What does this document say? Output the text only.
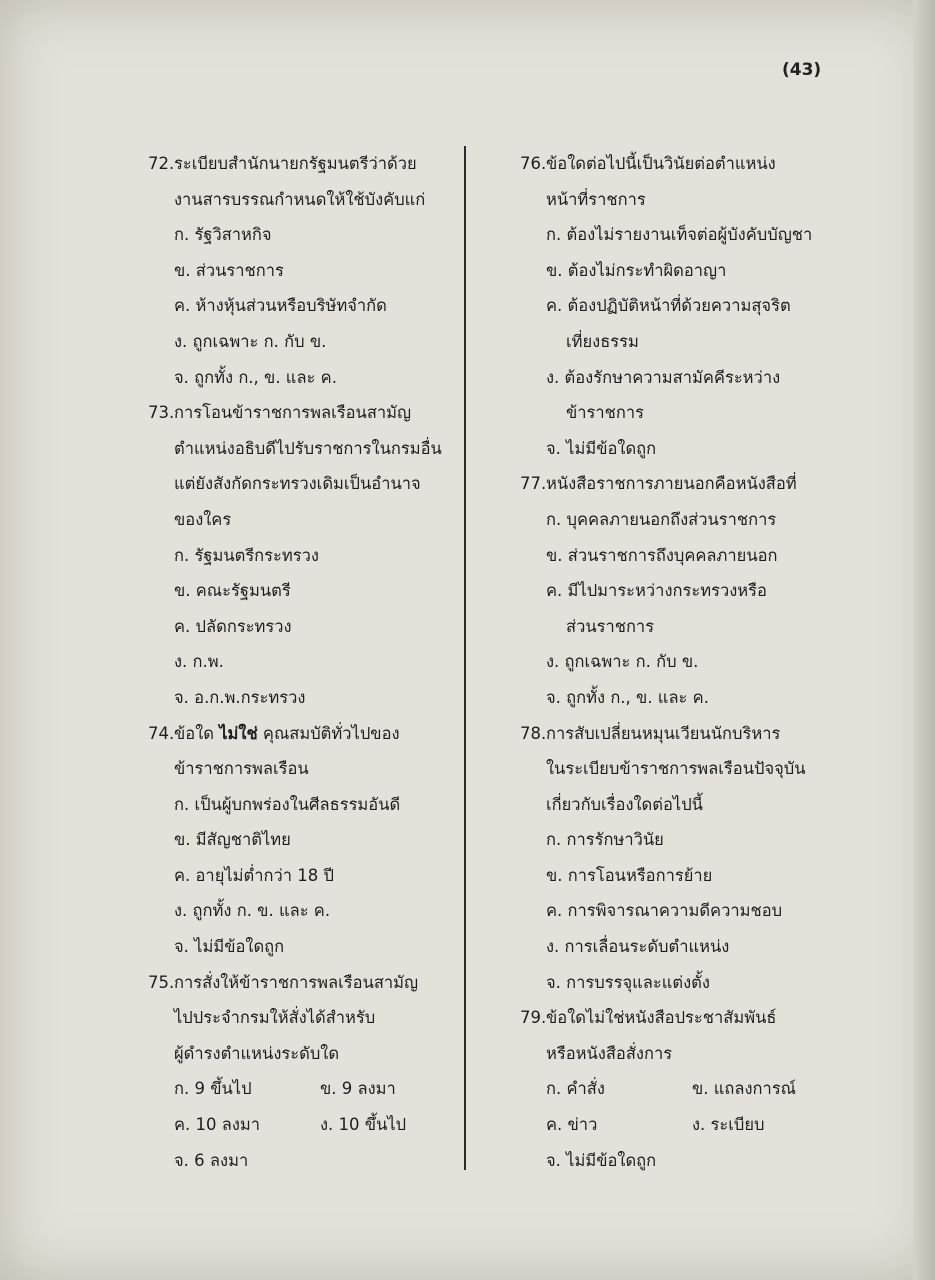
(43)
72.ระเบียบสำนักนายกรัฐมนตรีว่าด้วย
งานสารบรรณกำหนดให้ใช้บังคับแก่
ก. รัฐวิสาหกิจ
ข. ส่วนราชการ
ค. ห้างหุ้นส่วนหรือบริษัทจำกัด
ง. ถูกเฉพาะ ก. กับ ข.
จ. ถูกทั้ง ก., ข. และ ค.
73.การโอนข้าราชการพลเรือนสามัญ
ตำแหน่งอธิบดีไปรับราชการในกรมอื่น
แต่ยังสังกัดกระทรวงเดิมเป็นอำนาจ
ของใคร
ก. รัฐมนตรีกระทรวง
ข. คณะรัฐมนตรี
ค. ปลัดกระทรวง
ง. ก.พ.
จ. อ.ก.พ.กระทรวง
74.ข้อใด ไม่ใช่ คุณสมบัติทั่วไปของ
ข้าราชการพลเรือน
ก. เป็นผู้บกพร่องในศีลธรรมอันดี
ข. มีสัญชาติไทย
ค. อายุไม่ต่ำกว่า 18 ปี
ง. ถูกทั้ง ก. ข. และ ค.
จ. ไม่มีข้อใดถูก
75.การสั่งให้ข้าราชการพลเรือนสามัญ
ไปประจำกรมให้สั่งได้สำหรับ
ผู้ดำรงตำแหน่งระดับใด
ก. 9 ขึ้นไป	ข. 9 ลงมา
ค. 10 ลงมา	ง. 10 ขึ้นไป
จ. 6 ลงมา
76.ข้อใดต่อไปนี้เป็นวินัยต่อตำแหน่ง
หน้าที่ราชการ
ก. ต้องไม่รายงานเท็จต่อผู้บังคับบัญชา
ข. ต้องไม่กระทำผิดอาญา
ค. ต้องปฏิบัติหน้าที่ด้วยความสุจริต
เที่ยงธรรม
ง. ต้องรักษาความสามัคคีระหว่าง
ข้าราชการ
จ. ไม่มีข้อใดถูก
77.หนังสือราชการภายนอกคือหนังสือที่
ก. บุคคลภายนอกถึงส่วนราชการ
ข. ส่วนราชการถึงบุคคลภายนอก
ค. มีไปมาระหว่างกระทรวงหรือ
ส่วนราชการ
ง. ถูกเฉพาะ ก. กับ ข.
จ. ถูกทั้ง ก., ข. และ ค.
78.การสับเปลี่ยนหมุนเวียนนักบริหาร
ในระเบียบข้าราชการพลเรือนปัจจุบัน
เกี่ยวกับเรื่องใดต่อไปนี้
ก. การรักษาวินัย
ข. การโอนหรือการย้าย
ค. การพิจารณาความดีความชอบ
ง. การเลื่อนระดับตำแหน่ง
จ. การบรรจุและแต่งตั้ง
79.ข้อใดไม่ใช่หนังสือประชาสัมพันธ์
หรือหนังสือสั่งการ
ก. คำสั่ง	ข. แถลงการณ์
ค. ข่าว	ง. ระเบียบ
จ. ไม่มีข้อใดถูก
